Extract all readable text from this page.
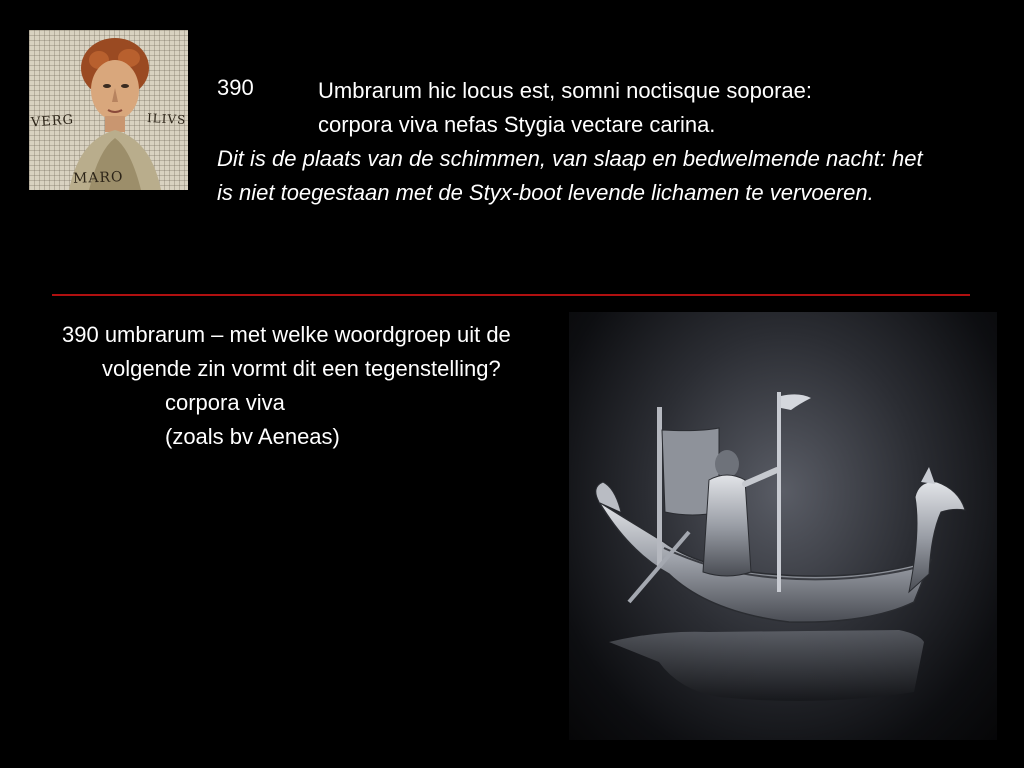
VERG	ILIVS
MARO
390	Umbrarum hic locus est, somni noctisque soporae:
corpora viva nefas Stygia vectare carina.
Dit is de plaats van de schimmen, van slaap en bedwelmende nacht: het is niet toegestaan met de Styx-boot levende lichamen te vervoeren.
390 umbrarum – met welke woordgroep uit de volgende zin vormt dit een tegenstelling?
corpora viva
(zoals bv Aeneas)
